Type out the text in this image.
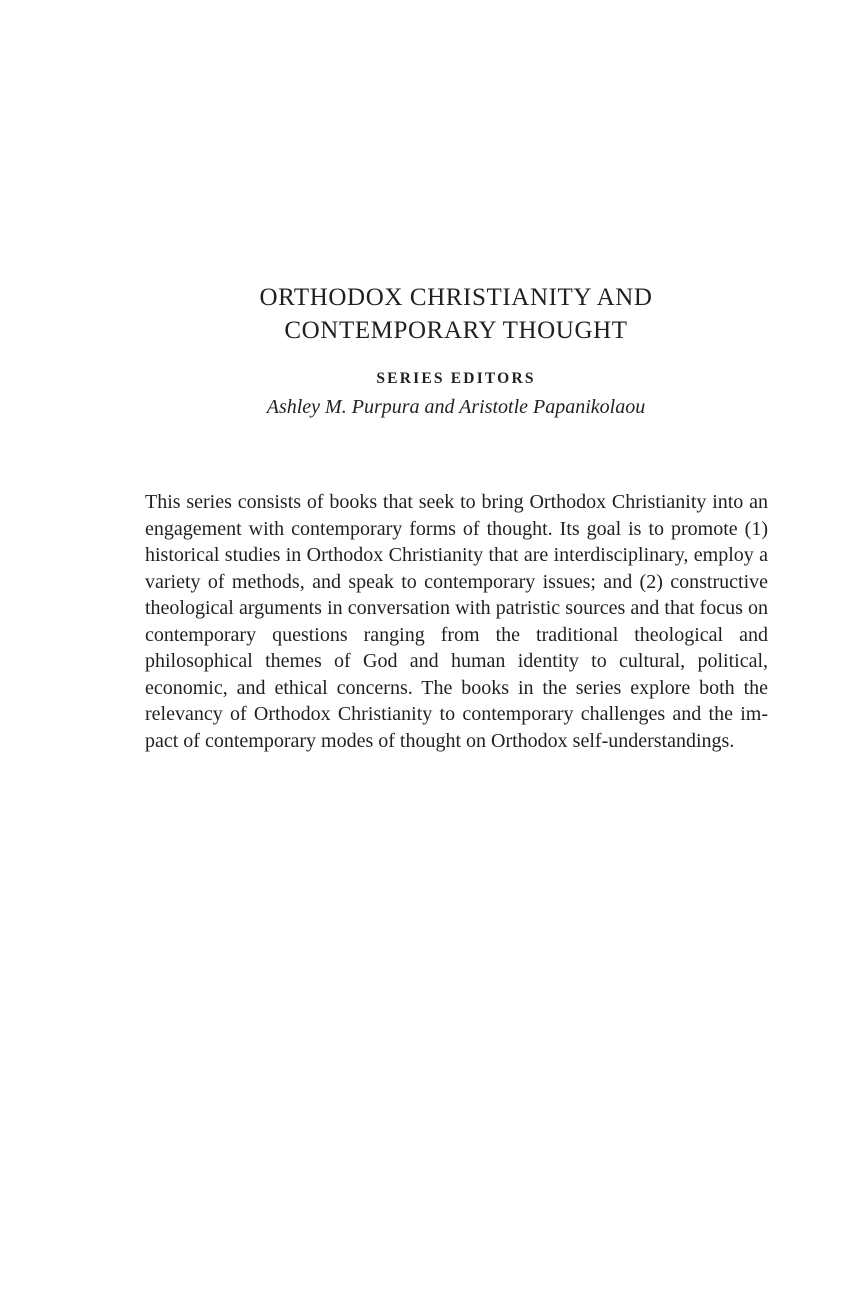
ORTHODOX CHRISTIANITY AND
CONTEMPORARY THOUGHT
SERIES EDITORS
Ashley M. Purpura and Aristotle Papanikolaou

This series consists of books that seek to bring Orthodox Christianity into an engagement with contemporary forms of thought. Its goal is to promote (1) historical studies in Orthodox Christianity that are interdisciplinary, employ a variety of methods, and speak to contemporary issues; and (2) constructive theological arguments in conversation with patristic sources and that focus on contemporary questions ranging from the traditional theological and philosophical themes of God and human identity to cultural, political, economic, and ethical concerns. The books in the series explore both the relevancy of Orthodox Christianity to contemporary challenges and the impact of contemporary modes of thought on Orthodox self-understandings.
